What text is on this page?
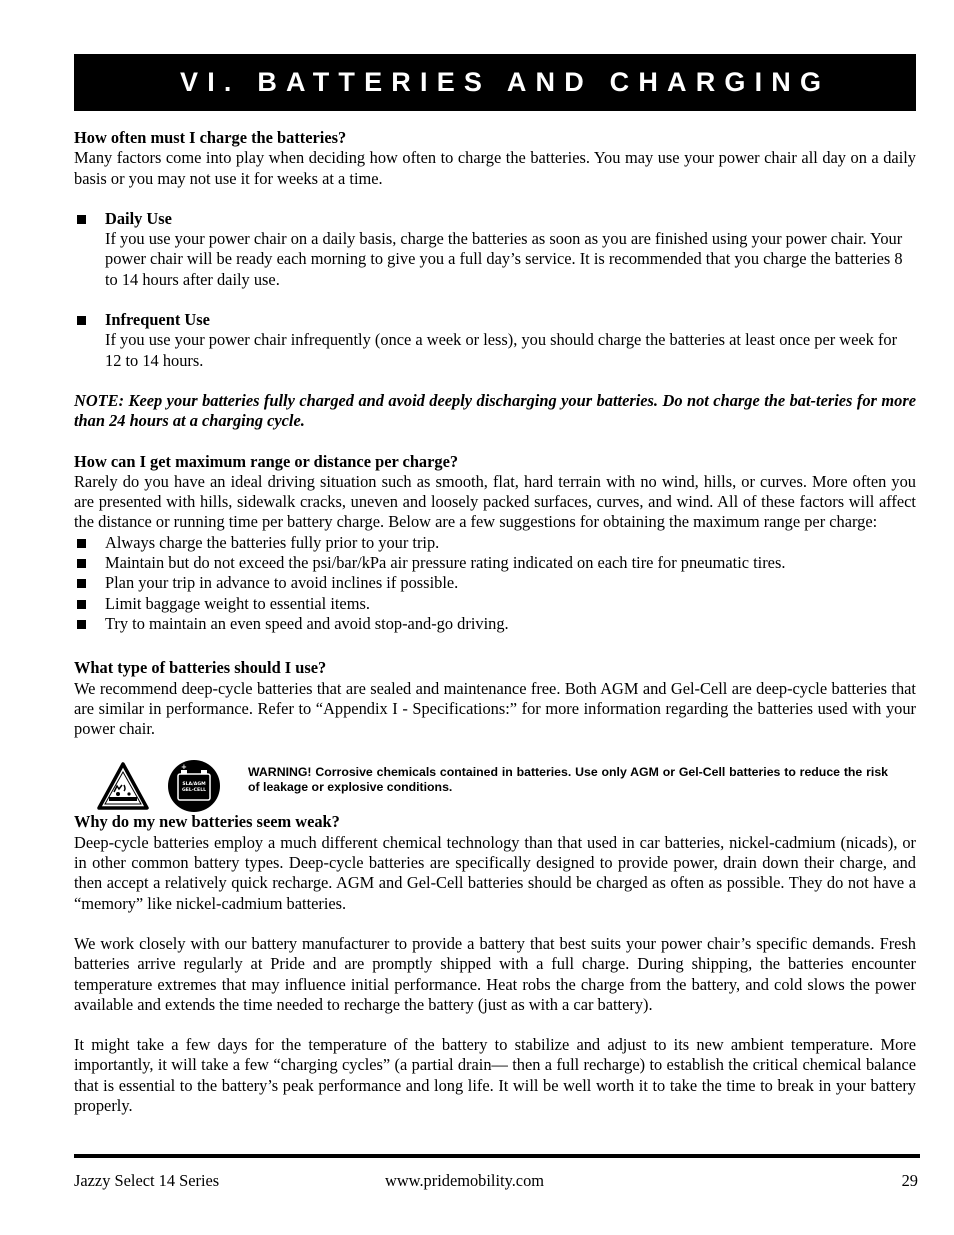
VI. BATTERIES AND CHARGING

How often must I charge the batteries?

Many factors come into play when deciding how often to charge the batteries. You may use your power chair all day on a daily basis or you may not use it for weeks at a time.

Daily Use

If you use your power chair on a daily basis, charge the batteries as soon as you are finished using your power chair. Your power chair will be ready each morning to give you a full day’s service. It is recommended that you charge the batteries 8 to 14 hours after daily use.

Infrequent Use

If you use your power chair infrequently (once a week or less), you should charge the batteries at least once per week for 12 to 14 hours.

NOTE: Keep your batteries fully charged and avoid deeply discharging your batteries. Do not charge the bat-teries for more than 24 hours at a charging cycle.

How can I get maximum range or distance per charge?

Rarely do you have an ideal driving situation such as smooth, flat, hard terrain with no wind, hills, or curves. More often you are presented with hills, sidewalk cracks, uneven and loosely packed surfaces, curves, and wind. All of these factors will affect the distance or running time per battery charge. Below are a few suggestions for obtaining the maximum range per charge:

Always charge the batteries fully prior to your trip.
Maintain but do not exceed the psi/bar/kPa air pressure rating indicated on each tire for pneumatic tires.
Plan your trip in advance to avoid inclines if possible.
Limit baggage weight to essential items.
Try to maintain an even speed and avoid stop-and-go driving.

What type of batteries should I use?

We recommend deep-cycle batteries that are sealed and maintenance free. Both AGM and Gel-Cell are deep-cycle batteries that are similar in performance. Refer to “Appendix I - Specifications:” for more information regarding the batteries used with your power chair.

+
SLA/AGM
GEL-CELL

WARNING! Corrosive chemicals contained in batteries. Use only AGM or Gel-Cell batteries to reduce the risk of leakage or explosive conditions.

Why do my new batteries seem weak?

Deep-cycle batteries employ a much different chemical technology than that used in car batteries, nickel-cadmium (nicads), or in other common battery types. Deep-cycle batteries are specifically designed to provide power, drain down their charge, and then accept a relatively quick recharge. AGM and Gel-Cell batteries should be charged as often as possible. They do not have a “memory” like nickel-cadmium batteries.

We work closely with our battery manufacturer to provide a battery that best suits your power chair’s specific demands. Fresh batteries arrive regularly at Pride and are promptly shipped with a full charge. During shipping, the batteries encounter temperature extremes that may influence initial performance. Heat robs the charge from the battery, and cold slows the power available and extends the time needed to recharge the battery (just as with a car battery).

It might take a few days for the temperature of the battery to stabilize and adjust to its new ambient temperature. More importantly, it will take a few “charging cycles” (a partial drain— then a full recharge) to establish the critical chemical balance that is essential to the battery’s peak performance and long life. It will be well worth it to take the time to break in your battery properly.

Jazzy Select 14 Series	www.pridemobility.com	29
